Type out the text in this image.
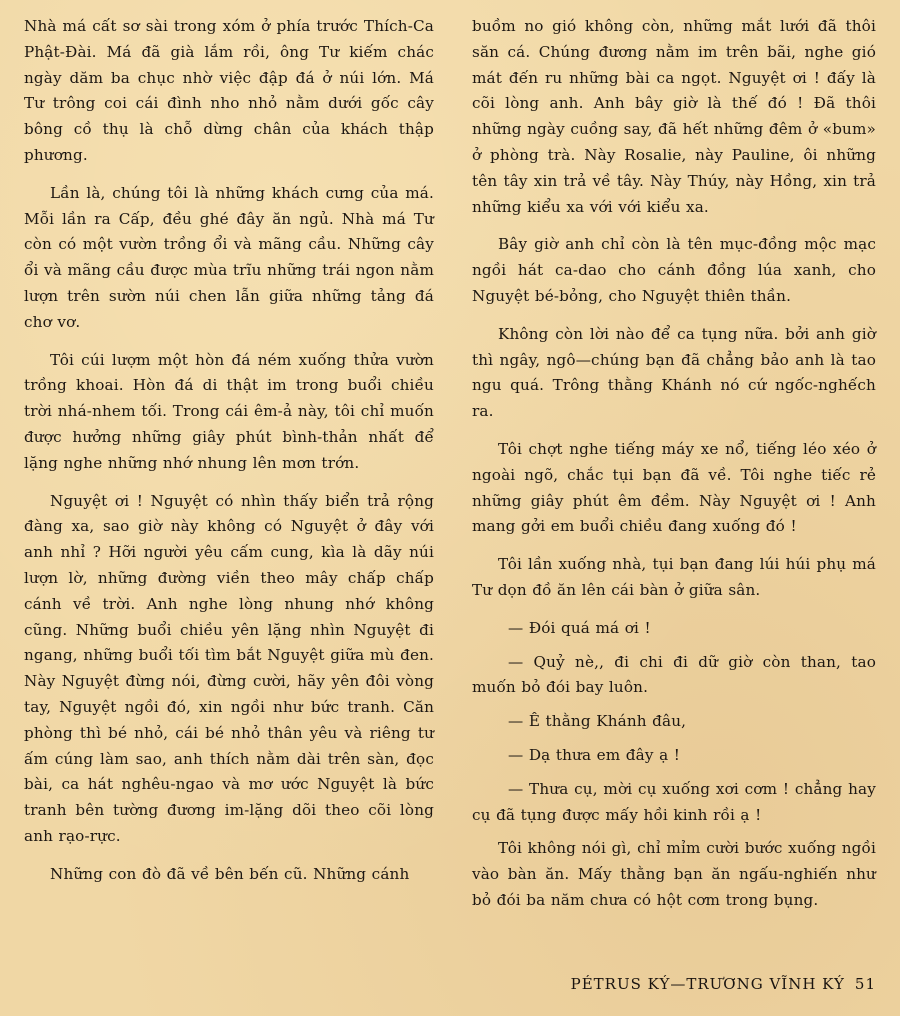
Nhà má cất sơ sài trong xóm ở phía trước Thích-Ca Phật-Đài. Má đã già lắm rồi, ông Tư kiếm chác ngày dăm ba chục nhờ việc đập đá ở núi lớn. Má Tư trông coi cái đình nho nhỏ nằm dưới gốc cây bông cồ thụ là chỗ dừng chân của khách thập phương.

Lần là, chúng tôi là những khách cưng của má. Mỗi lần ra Cấp, đều ghé đây ăn ngủ. Nhà má Tư còn có một vườn trồng ổi và mãng cầu. Những cây ổi và mãng cầu được mùa trĩu những trái ngon nằm lượn trên sườn núi chen lẫn giữa những tảng đá chơ vơ.

Tôi cúi lượm một hòn đá ném xuống thửa vườn trồng khoai. Hòn đá di thật im trong buổi chiều trời nhá-nhem tối. Trong cái êm-ả này, tôi chỉ muốn được hưởng những giây phút bình-thản nhất để lặng nghe những nhớ nhung lên mơn trớn.

Nguyệt ơi ! Nguyệt có nhìn thấy biển trả rộng đàng xa, sao giờ này không có Nguyệt ở đây với anh nhỉ ? Hỡi người yêu cấm cung, kìa là dãy núi lượn lờ, những đường viền theo mây chấp chấp cánh về trời. Anh nghe lòng nhung nhớ không cũng. Những buổi chiều yên lặng nhìn Nguyệt đi ngang, những buổi tối tìm bắt Nguyệt giữa mù đen. Này Nguyệt đừng nói, đừng cười, hãy yên đôi vòng tay, Nguyệt ngồi đó, xin ngồi như bức tranh. Căn phòng thì bé nhỏ, cái bé nhỏ thân yêu và riêng tư ấm cúng làm sao, anh thích nằm dài trên sàn, đọc bài, ca hát nghêu-ngao và mơ ước Nguyệt là bức tranh bên tường đương im-lặng dõi theo cõi lòng anh rạo-rực.

Những con đò đã về bên bến cũ. Những cánh

buồm no gió không còn, những mắt lưới đã thôi săn cá. Chúng đương nằm im trên bãi, nghe gió mát đến ru những bài ca ngọt. Nguyệt ơi ! đấy là cõi lòng anh. Anh bây giờ là thế đó ! Đã thôi những ngày cuồng say, đã hết những đêm ở «bum» ở phòng trà. Này Rosalie, này Pauline, ôi những tên tây xin trả về tây. Này Thúy, này Hồng, xin trả những kiểu xa với với kiểu xa.

Bây giờ anh chỉ còn là tên mục-đồng mộc mạc ngồi hát ca-dao cho cánh đồng lúa xanh, cho Nguyệt bé-bỏng, cho Nguyệt thiên thần.

Không còn lời nào để ca tụng nữa. bởi anh giờ thì ngây, ngô—chúng bạn đã chẳng bảo anh là tao ngu quá. Trông thằng Khánh nó cứ ngốc-nghếch ra.

Tôi chợt nghe tiếng máy xe nổ, tiếng léo xéo ở ngoài ngõ, chắc tụi bạn đã về. Tôi nghe tiếc rẻ những giây phút êm đềm. Này Nguyệt ơi ! Anh mang gởi em buổi chiều đang xuống đó !

Tôi lần xuống nhà, tụi bạn đang lúi húi phụ má Tư dọn đồ ăn lên cái bàn ở giữa sân.

— Đói quá má ơi !

— Quỷ nè,, đi chi đi dữ giờ còn than, tao muốn bỏ đói bay luôn.

— Ê thằng Khánh đâu,

— Dạ thưa em đây ạ !

— Thưa cụ, mời cụ xuống xơi cơm ! chẳng hay cụ đã tụng được mấy hồi kinh rồi ạ !

Tôi không nói gì, chỉ mỉm cười bước xuống ngồi vào bàn ăn. Mấy thằng bạn ăn ngấu-nghiến như bỏ đói ba năm chưa có hột cơm trong bụng.

PÉTRUS KÝ—TRƯƠNG VĨNH KÝ 51
